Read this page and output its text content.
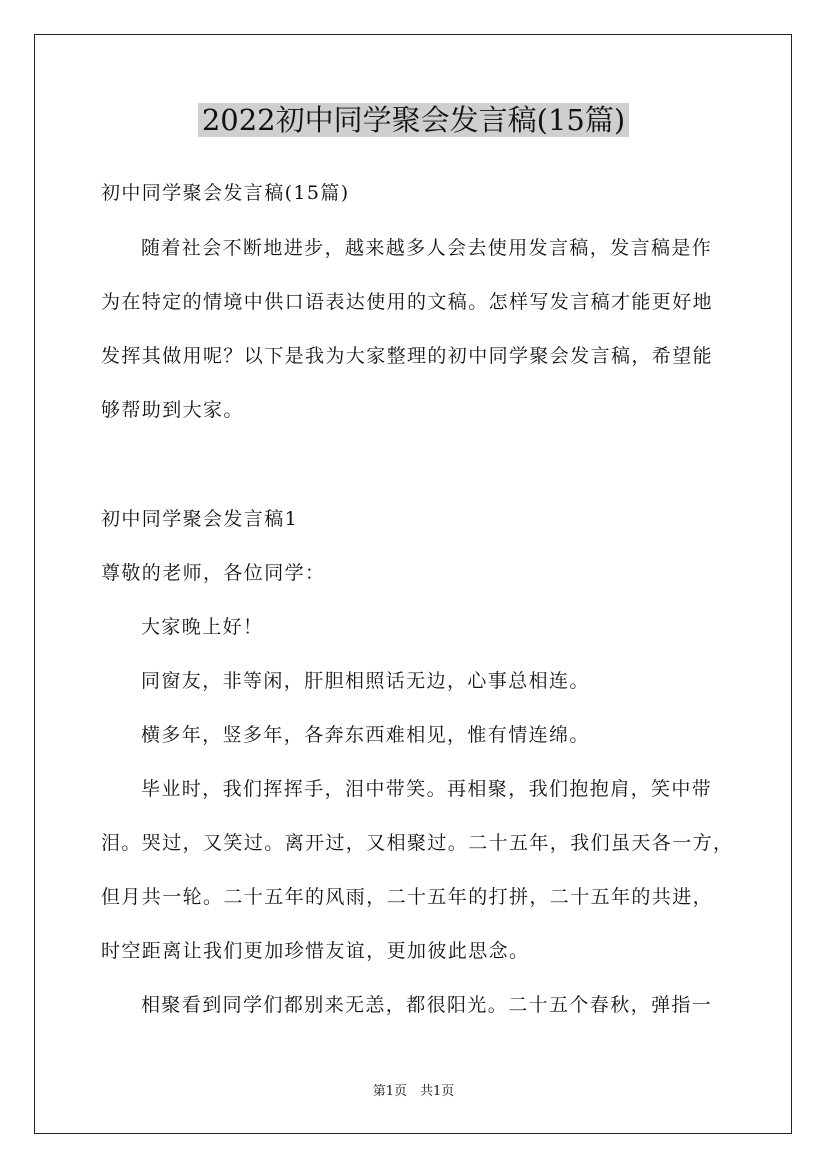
2022初中同学聚会发言稿(15篇)
初中同学聚会发言稿(15篇)
随着社会不断地进步，越来越多人会去使用发言稿，发言稿是作
为在特定的情境中供口语表达使用的文稿。怎样写发言稿才能更好地
发挥其做用呢？以下是我为大家整理的初中同学聚会发言稿，希望能
够帮助到大家。
初中同学聚会发言稿1
尊敬的老师，各位同学：
大家晚上好！
同窗友，非等闲，肝胆相照话无边，心事总相连。
横多年，竖多年，各奔东西难相见，惟有情连绵。
毕业时，我们挥挥手，泪中带笑。再相聚，我们抱抱肩，笑中带
泪。哭过，又笑过。离开过，又相聚过。二十五年，我们虽天各一方，
但月共一轮。二十五年的风雨，二十五年的打拼，二十五年的共进，
时空距离让我们更加珍惜友谊，更加彼此思念。
相聚看到同学们都别来无恙，都很阳光。二十五个春秋，弹指一
第1页　共1页
